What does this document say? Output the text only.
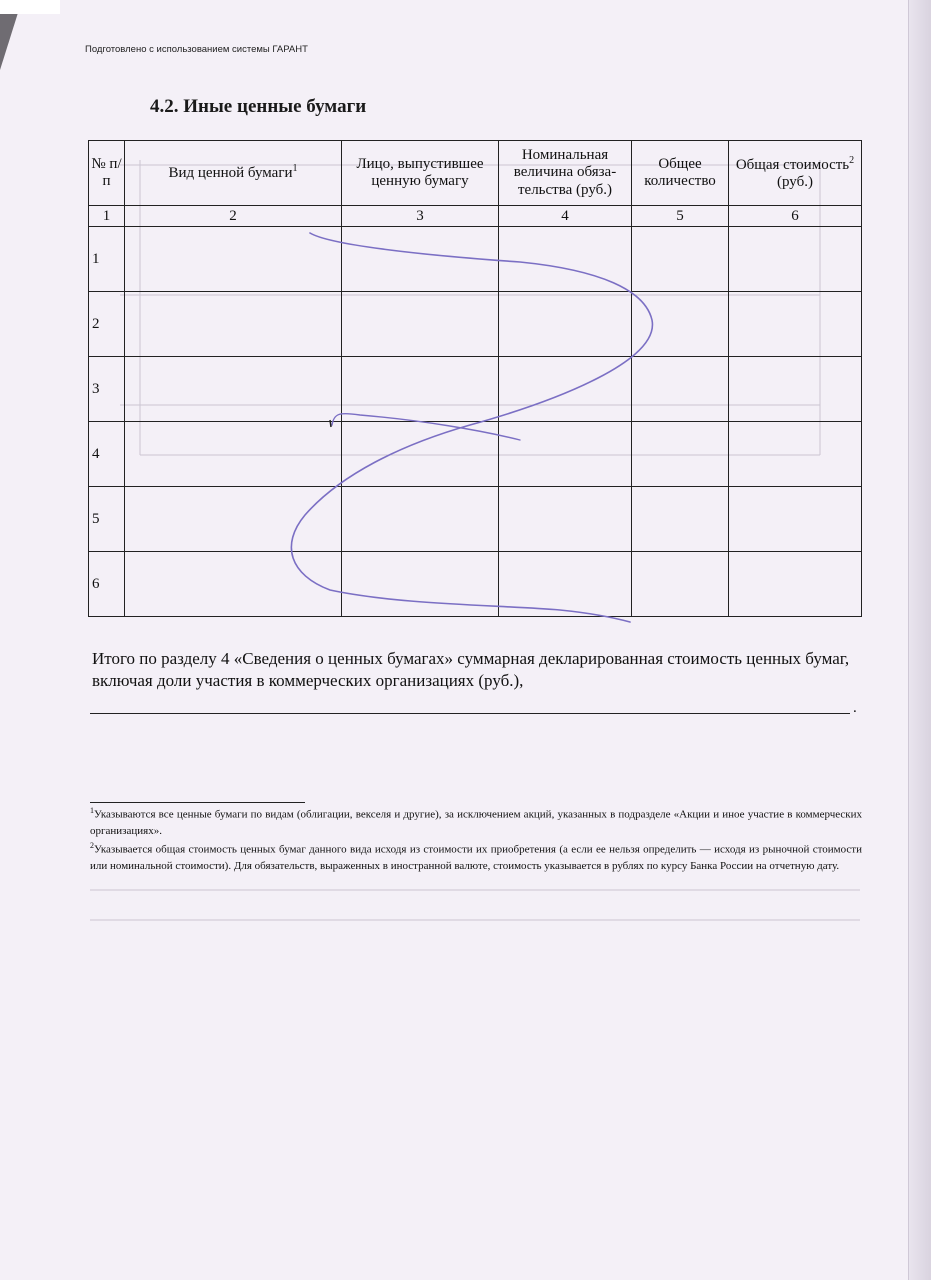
Подготовлено с использованием системы ГАРАНТ
4.2. Иные ценные бумаги
№ п/п	Вид ценной бумаги$^1$	Лицо, выпустившее ценную бумагу	Номинальная величина обяза-тельства (руб.)	Общее количество	Общая стоимость$^2$
(руб.)
1	2	3	4	5	6
1					
2					
3					
4					
5					
6					
Итого по разделу 4 «Сведения о ценных бумагах» суммарная декларированная стоимость ценных бумаг, включая доли участия в коммерческих организациях (руб.),
.

$^1$Указываются все ценные бумаги по видам (облигации, векселя и другие), за исключением акций, указанных в подразделе «Акции и иное участие в коммерческих организациях».

$^2$Указывается общая стоимость ценных бумаг данного вида исходя из стоимости их приобретения (а если ее нельзя определить — исходя из рыночной стоимости или номинальной стоимости). Для обязательств, выраженных в иностранной валюте, стоимость указывается в рублях по курсу Банка России на отчетную дату.
